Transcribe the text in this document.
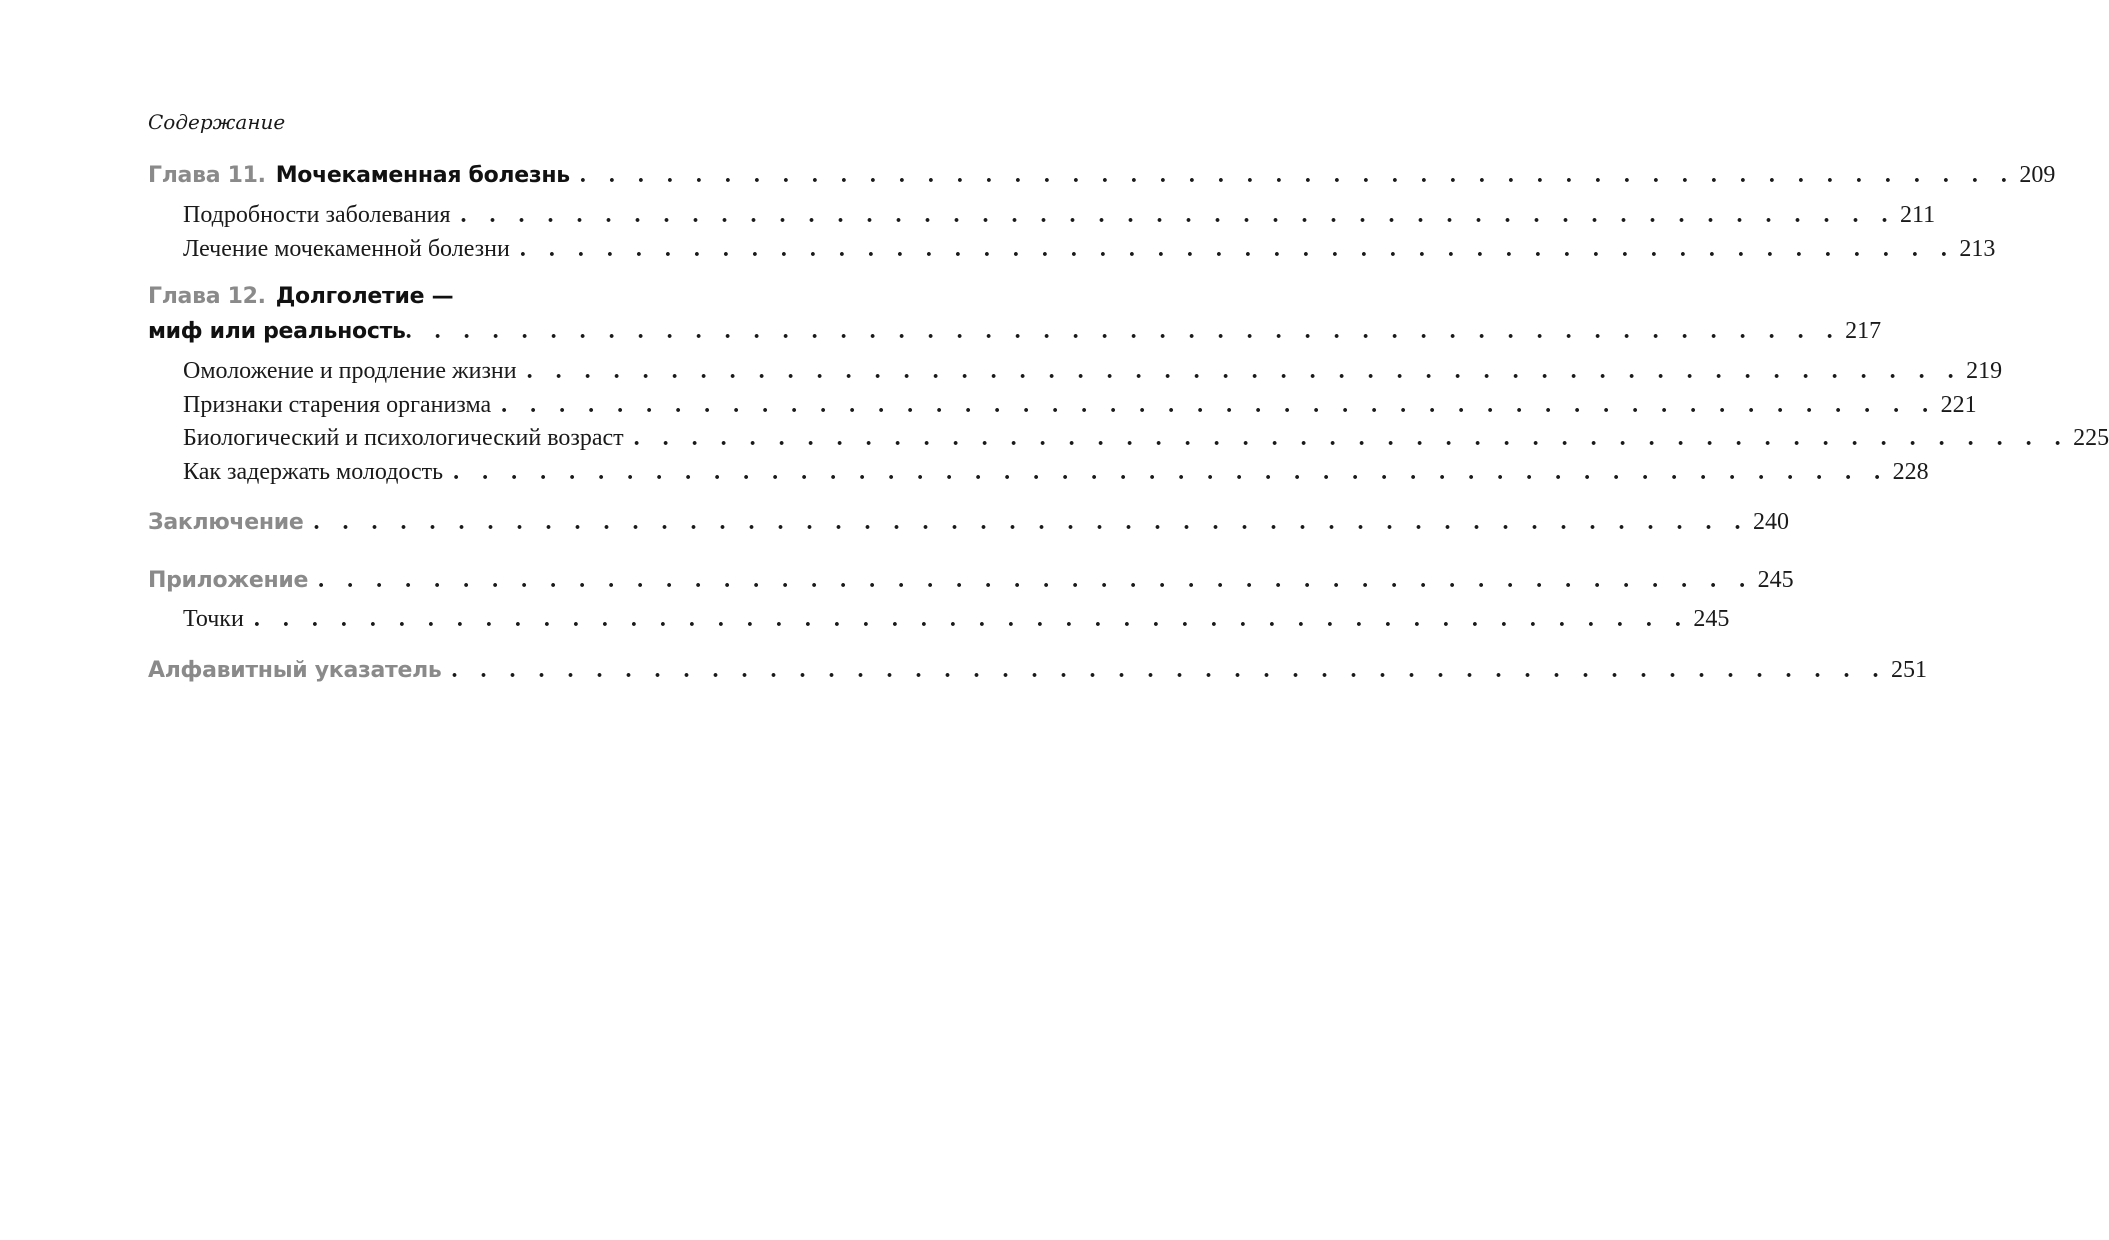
Содержание
Глава 11. Мочекаменная болезнь . . . . . . . . . . . . . . . . . . . . . . . . . . . . . . . . . . . . . . . . . . . . . . . . . . 209
Подробности заболевания . . . . . . . . . . . . . . . . . . . . . . . . . . . . . . . . . . . . . . . . . . . . . . . . . . 211
Лечение мочекаменной болезни . . . . . . . . . . . . . . . . . . . . . . . . . . . . . . . . . . . . . . . . . . . . . . . . . . 213
Глава 12. Долголетие —
миф или реальность . . . . . . . . . . . . . . . . . . . . . . . . . . . . . . . . . . . . . . . . . . . . . . . . . . 217
Омоложение и продление жизни . . . . . . . . . . . . . . . . . . . . . . . . . . . . . . . . . . . . . . . . . . . . . . . . . . 219
Признаки старения организма . . . . . . . . . . . . . . . . . . . . . . . . . . . . . . . . . . . . . . . . . . . . . . . . . . 221
Биологический и психологический возраст . . . . . . . . . . . . . . . . . . . . . . . . . . . . . . . . . . . . . . . . . . . . . . . . . . 225
Как задержать молодость . . . . . . . . . . . . . . . . . . . . . . . . . . . . . . . . . . . . . . . . . . . . . . . . . . 228
Заключение . . . . . . . . . . . . . . . . . . . . . . . . . . . . . . . . . . . . . . . . . . . . . . . . . . 240
Приложение . . . . . . . . . . . . . . . . . . . . . . . . . . . . . . . . . . . . . . . . . . . . . . . . . . 245
Точки . . . . . . . . . . . . . . . . . . . . . . . . . . . . . . . . . . . . . . . . . . . . . . . . . . 245
Алфавитный указатель . . . . . . . . . . . . . . . . . . . . . . . . . . . . . . . . . . . . . . . . . . . . . . . . . . 251
